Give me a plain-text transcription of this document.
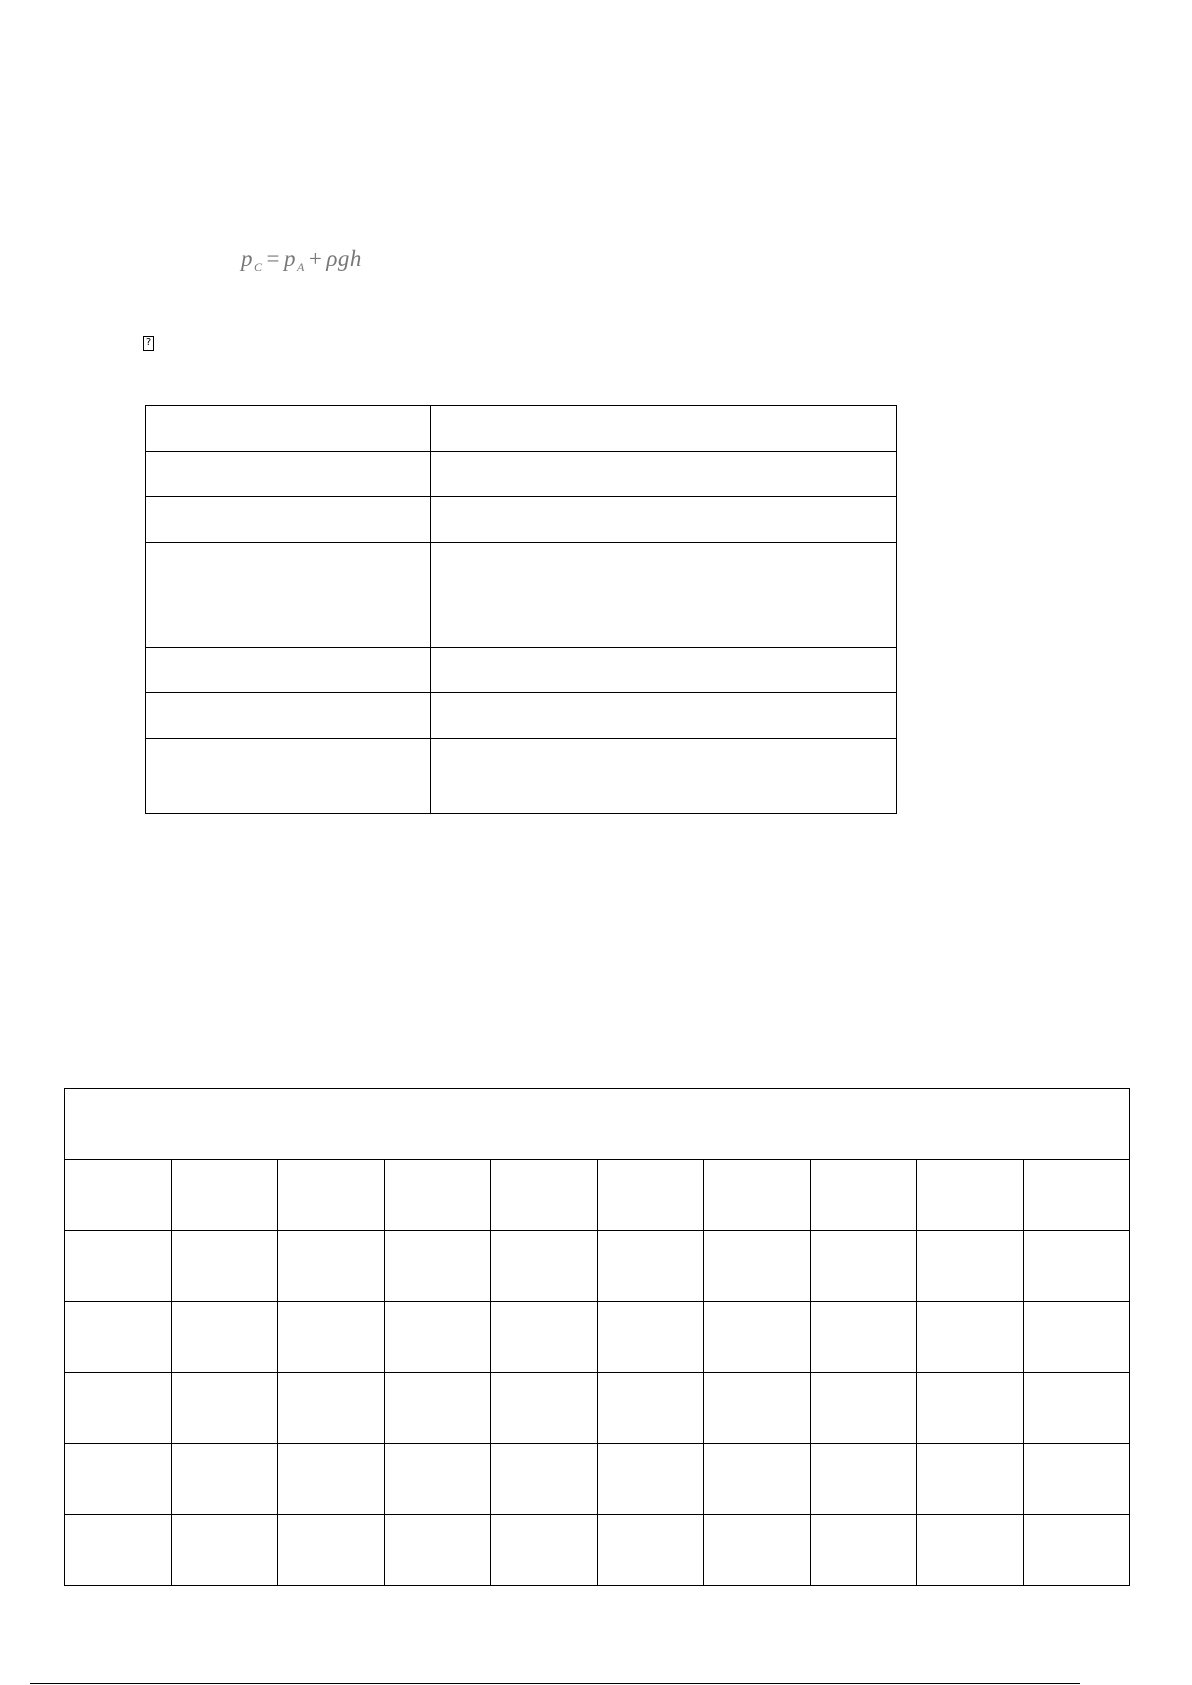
$p_C = p_A + \rho gh$
?
